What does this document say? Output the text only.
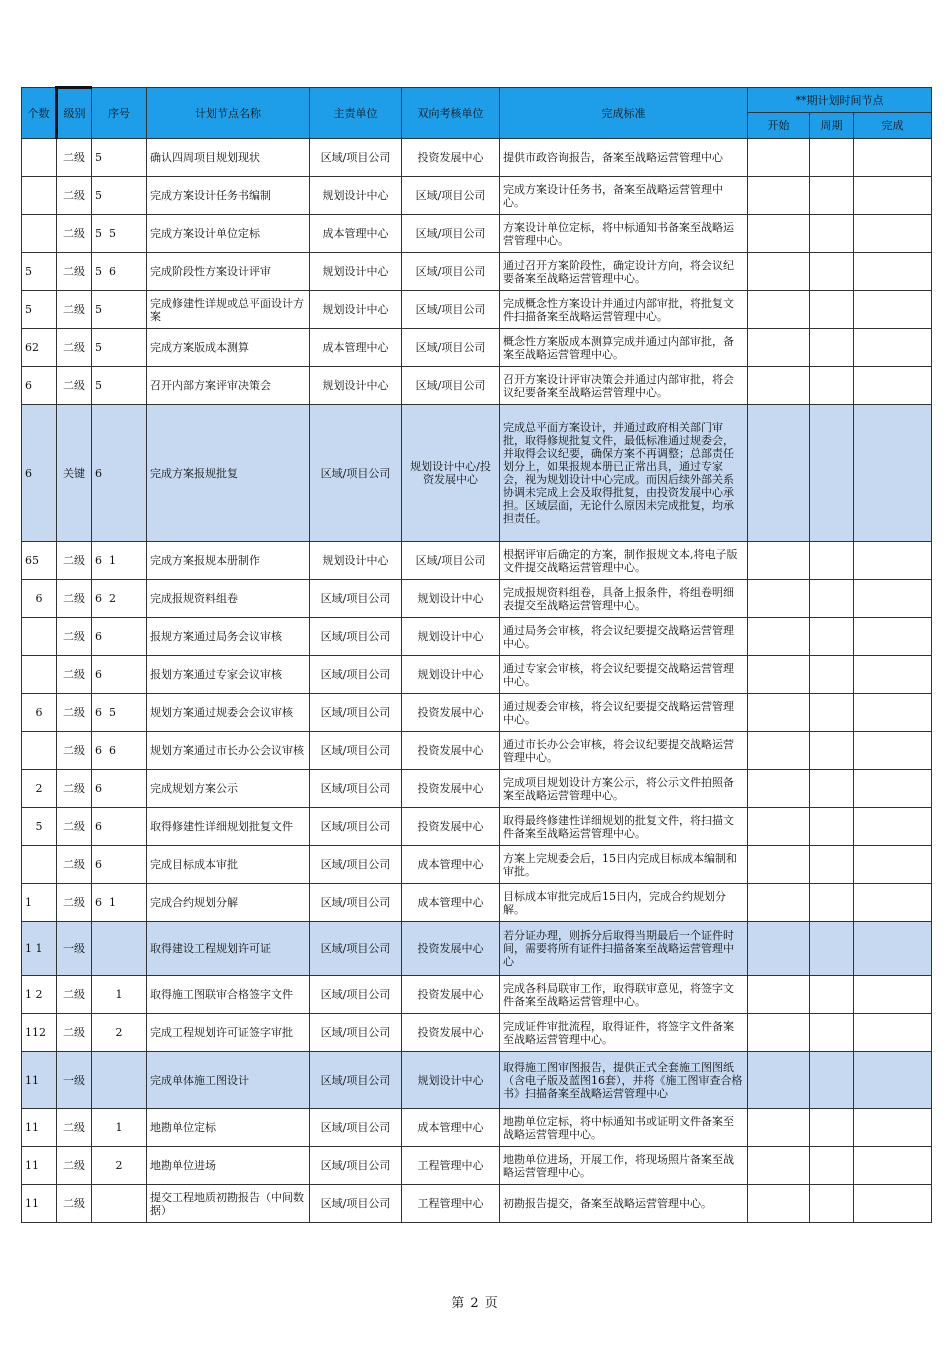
个数	级别	序号	计划节点名称	主责单位	双向考核单位	完成标准	**期计划时间节点		
							开始	周期	完成
	二级	5	确认四周项目规划现状	区域/项目公司	投资发展中心	提供市政咨询报告，备案至战略运营管理中心			
	二级	5	完成方案设计任务书编制	规划设计中心	区域/项目公司	完成方案设计任务书，备案至战略运营管理中心。			
	二级	5  5	完成方案设计单位定标	成本管理中心	区域/项目公司	方案设计单位定标，将中标通知书备案至战略运营管理中心。			
5	二级	5  6	完成阶段性方案设计评审	规划设计中心	区域/项目公司	通过召开方案阶段性，确定设计方向，将会议纪要备案至战略运营管理中心。			
5	二级	5	完成修建性详规或总平面设计方案	规划设计中心	区域/项目公司	完成概念性方案设计并通过内部审批，将批复文件扫描备案至战略运营管理中心。			
62	二级	5	完成方案版成本测算	成本管理中心	区域/项目公司	概念性方案版成本测算完成并通过内部审批，备案至战略运营管理中心。			
6	二级	5	召开内部方案评审决策会	规划设计中心	区域/项目公司	召开方案设计评审决策会并通过内部审批，将会议纪要备案至战略运营管理中心。			
6	关键	6	完成方案报规批复	区域/项目公司	规划设计中心/投资发展中心	完成总平面方案设计，并通过政府相关部门审批，取得修规批复文件，最低标准通过规委会，并取得会议纪要，确保方案不再调整；总部责任划分上，如果报规本册已正常出具，通过专家会，视为规划设计中心完成。而因后续外部关系协调未完成上会及取得批复，由投资发展中心承担。区域层面，无论什么原因未完成批复，均承担责任。			
65	二级	6  1	完成方案报规本册制作	规划设计中心	区域/项目公司	根据评审后确定的方案，制作报规文本,将电子版文件提交战略运营管理中心。			
6	二级	6  2	完成报规资料组卷	区域/项目公司	规划设计中心	完成报规资料组卷，具备上报条件，将组卷明细表提交至战略运营管理中心。			
	二级	6	报规方案通过局务会议审核	区域/项目公司	规划设计中心	通过局务会审核，将会议纪要提交战略运营管理中心。			
	二级	6	报划方案通过专家会议审核	区域/项目公司	规划设计中心	通过专家会审核，将会议纪要提交战略运营管理中心。			
6	二级	6  5	规划方案通过规委会会议审核	区域/项目公司	投资发展中心	通过规委会审核，将会议纪要提交战略运营管理中心。			
	二级	6  6	规划方案通过市长办公会议审核	区域/项目公司	投资发展中心	通过市长办公会审核，将会议纪要提交战略运营管理中心。			
2	二级	6	完成规划方案公示	区域/项目公司	投资发展中心	完成项目规划设计方案公示，将公示文件拍照备案至战略运营管理中心。			
5	二级	6	取得修建性详细规划批复文件	区域/项目公司	投资发展中心	取得最终修建性详细规划的批复文件，将扫描文件备案至战略运营管理中心。			
	二级	6	完成目标成本审批	区域/项目公司	成本管理中心	方案上完规委会后，15日内完成目标成本编制和审批。			
1	二级	6  1	完成合约规划分解	区域/项目公司	成本管理中心	目标成本审批完成后15日内，完成合约规划分解。			
1 1	一级		取得建设工程规划许可证	区域/项目公司	投资发展中心	若分证办理，则拆分后取得当期最后一个证件时间，需要将所有证件扫描备案至战略运营管理中心			
1 2	二级	1	取得施工图联审合格签字文件	区域/项目公司	投资发展中心	完成各科局联审工作，取得联审意见，将签字文件备案至战略运营管理中心。			
112	二级	2	完成工程规划许可证签字审批	区域/项目公司	投资发展中心	完成证件审批流程，取得证件，将签字文件备案至战略运营管理中心。			
11	一级		完成单体施工图设计	区域/项目公司	规划设计中心	取得施工图审图报告，提供正式全套施工图图纸（含电子版及蓝图16套），并将《施工图审查合格书》扫描备案至战略运营管理中心			
11	二级	1	地勘单位定标	区域/项目公司	成本管理中心	地勘单位定标，将中标通知书或证明文件备案至战略运营管理中心。			
11	二级	2	地勘单位进场	区域/项目公司	工程管理中心	地勘单位进场，开展工作，将现场照片备案至战略运营管理中心。			
11	二级		提交工程地质初勘报告（中间数据）	区域/项目公司	工程管理中心	初勘报告提交，备案至战略运营管理中心。			
第 2 页
